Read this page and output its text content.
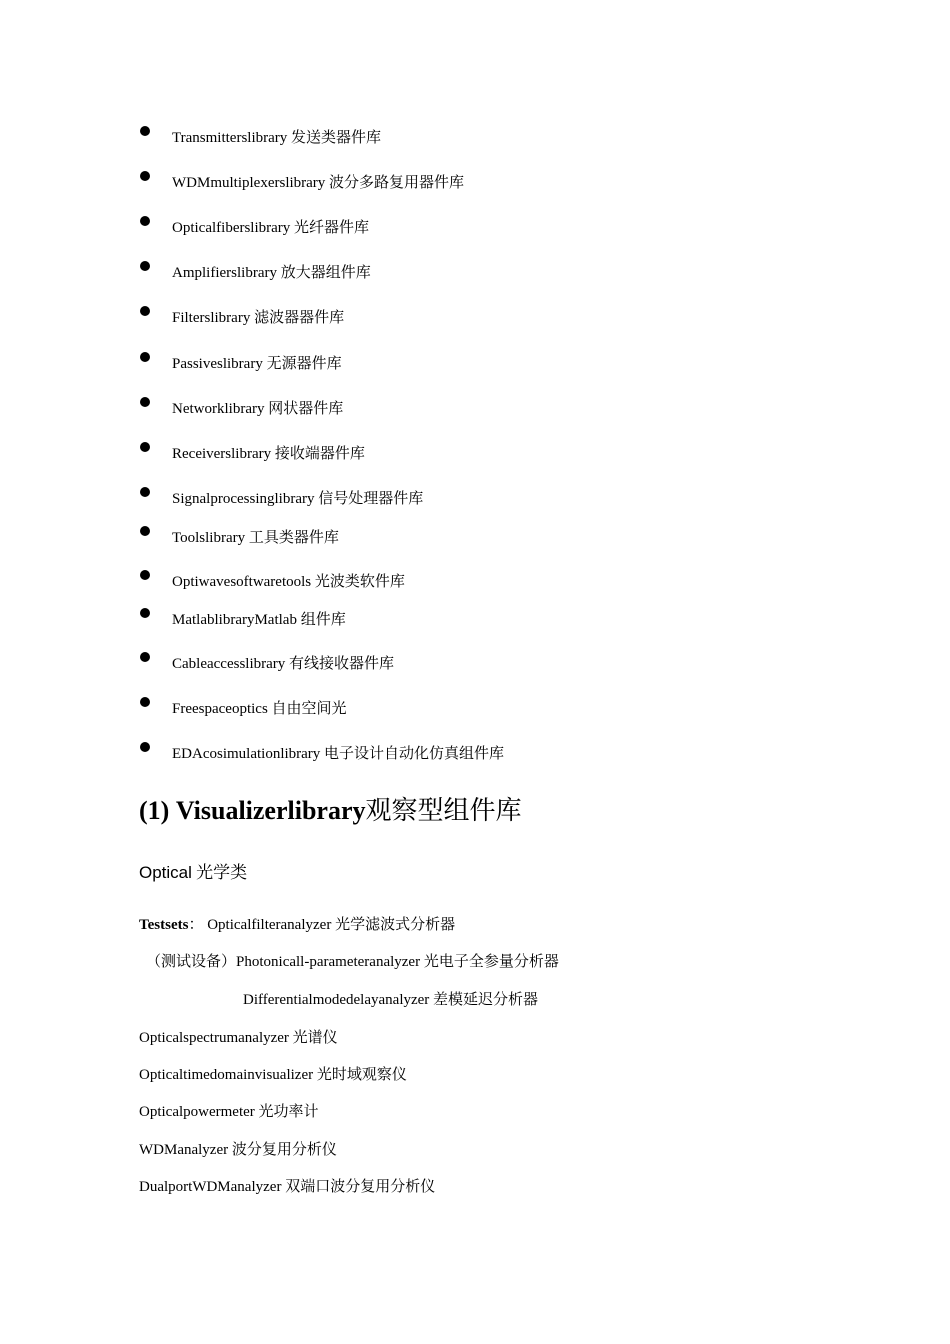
Transmitterslibrary 发送类器件库
WDMmultiplexerslibrary 波分多路复用器件库
Opticalfiberslibrary 光纤器件库
Amplifierslibrary 放大器组件库
Filterslibrary 滤波器器件库
Passiveslibrary 无源器件库
Networklibrary 网状器件库
Receiverslibrary 接收端器件库
Signalprocessinglibrary 信号处理器件库
Toolslibrary 工具类器件库
Optiwavesoftwaretools 光波类软件库
MatlablibraryMatlab 组件库
Cableaccesslibrary 有线接收器件库
Freespaceoptics 自由空间光
EDAcosimulationlibrary 电子设计自动化仿真组件库
(1) Visualizerlibrary观察型组件库
Optical 光学类
Testsets： Opticalfilteranalyzer 光学滤波式分析器
（测试设备）Photonicall-parameteranalyzer 光电子全参量分析器
Differentialmodedelayanalyzer 差模延迟分析器
Opticalspectrumanalyzer 光谱仪
Opticaltimedomainvisualizer 光时域观察仪
Opticalpowermeter 光功率计
WDManalyzer 波分复用分析仪
DualportWDManalyzer 双端口波分复用分析仪
